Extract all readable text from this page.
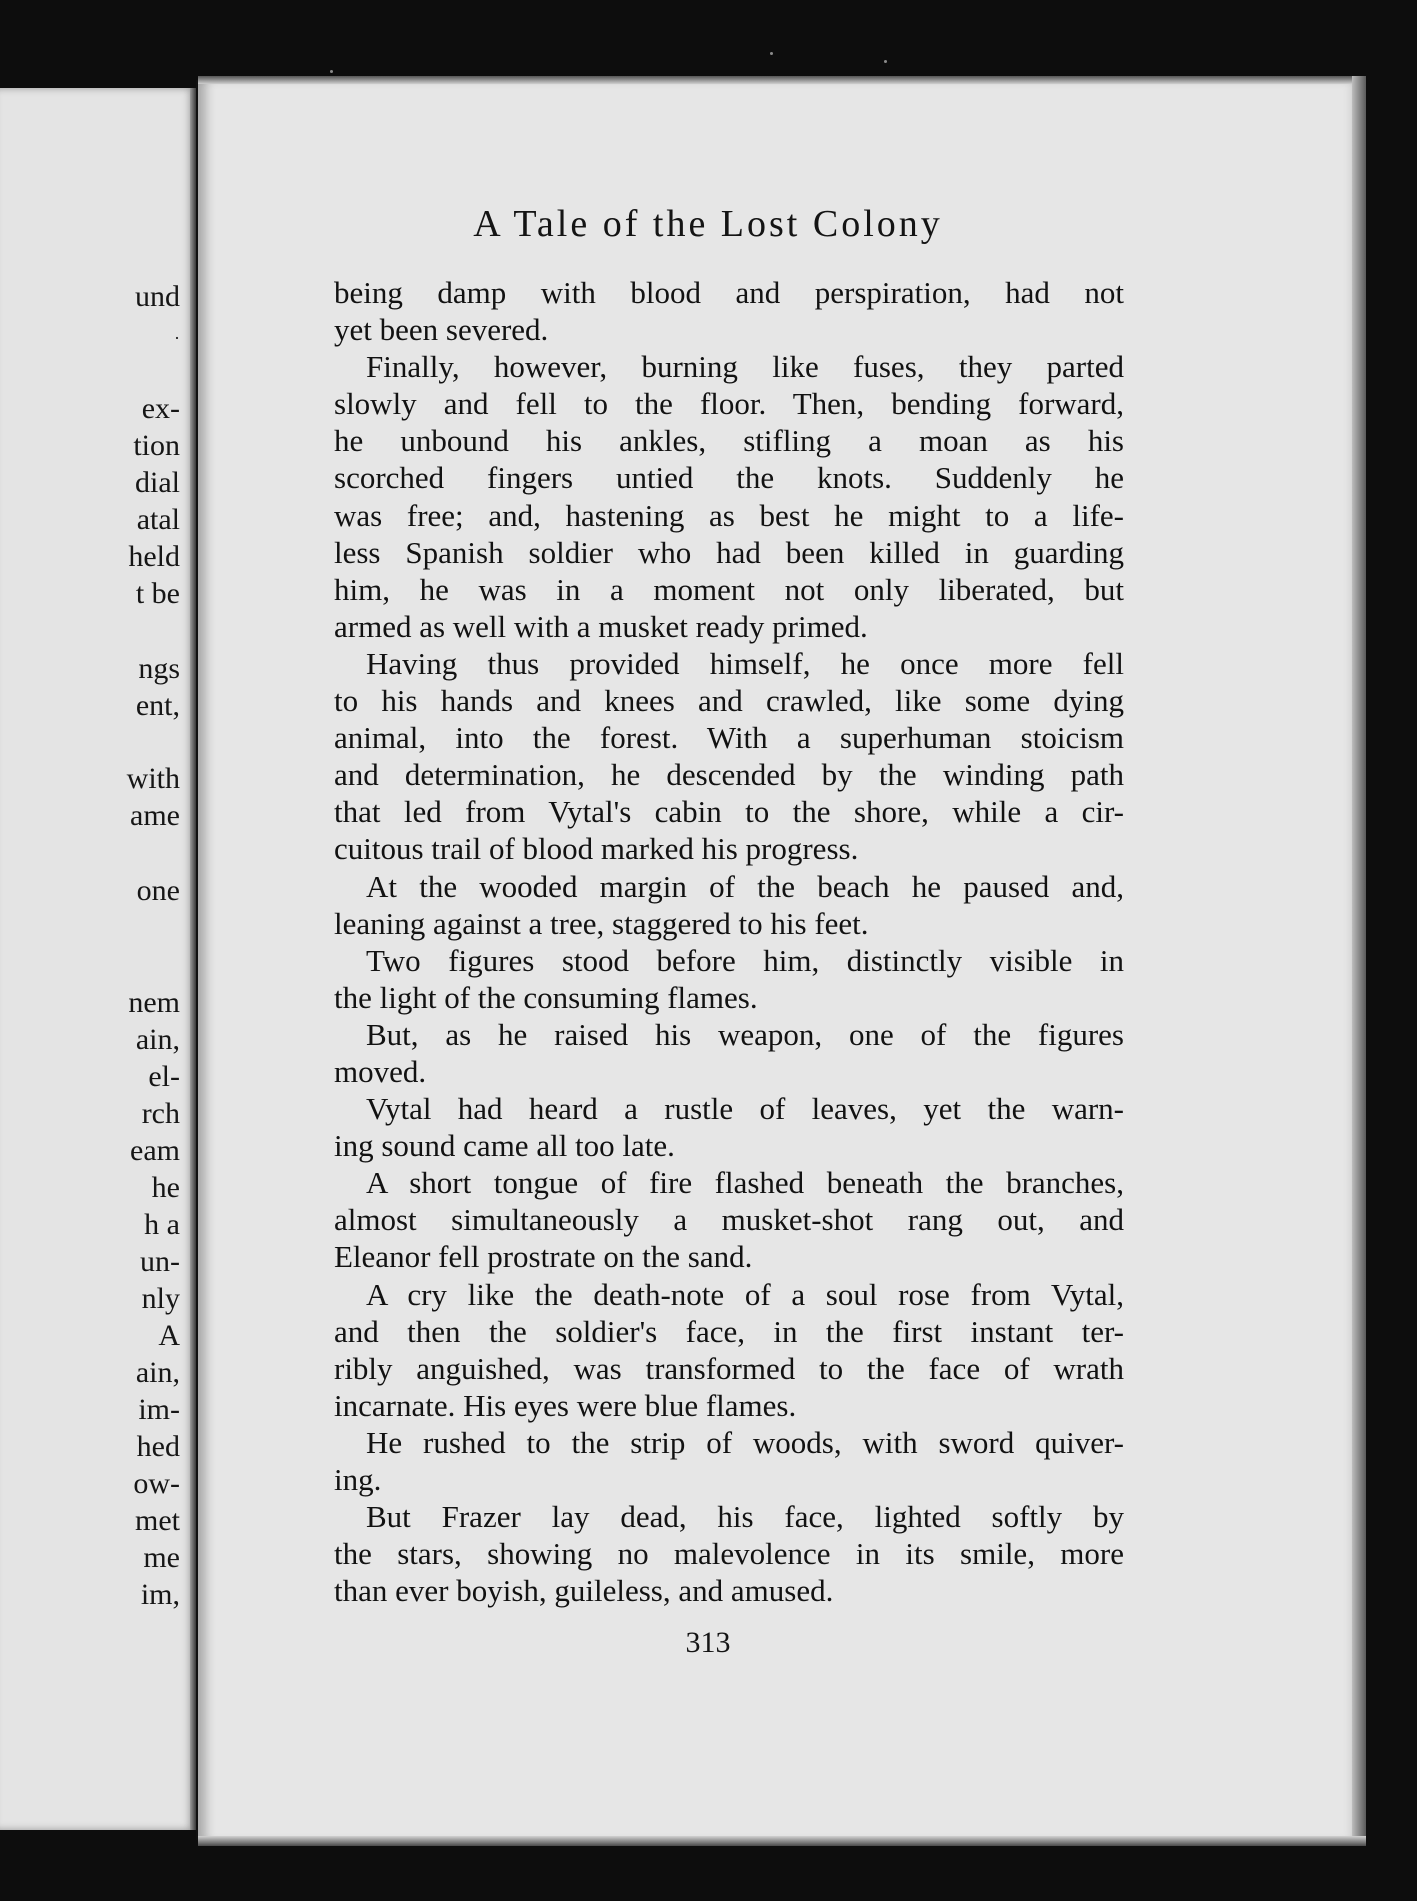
und
·
ex-
tion
dial
atal
held
t be
ngs
ent,
with
ame
one
nem
ain,
el-
rch
eam
he
h a
un-
nly
A
ain,
im-
hed
ow-
met
me
im,
A Tale of the Lost Colony
being damp with blood and perspiration, had not
yet been severed.
Finally, however, burning like fuses, they parted
slowly and fell to the floor. Then, bending forward,
he unbound his ankles, stifling a moan as his
scorched fingers untied the knots. Suddenly he
was free; and, hastening as best he might to a life-
less Spanish soldier who had been killed in guarding
him, he was in a moment not only liberated, but
armed as well with a musket ready primed.
Having thus provided himself, he once more fell
to his hands and knees and crawled, like some dying
animal, into the forest. With a superhuman stoicism
and determination, he descended by the winding path
that led from Vytal's cabin to the shore, while a cir-
cuitous trail of blood marked his progress.
At the wooded margin of the beach he paused and,
leaning against a tree, staggered to his feet.
Two figures stood before him, distinctly visible in
the light of the consuming flames.
But, as he raised his weapon, one of the figures
moved.
Vytal had heard a rustle of leaves, yet the warn-
ing sound came all too late.
A short tongue of fire flashed beneath the branches,
almost simultaneously a musket-shot rang out, and
Eleanor fell prostrate on the sand.
A cry like the death-note of a soul rose from Vytal,
and then the soldier's face, in the first instant ter-
ribly anguished, was transformed to the face of wrath
incarnate. His eyes were blue flames.
He rushed to the strip of woods, with sword quiver-
ing.
But Frazer lay dead, his face, lighted softly by
the stars, showing no malevolence in its smile, more
than ever boyish, guileless, and amused.
313
